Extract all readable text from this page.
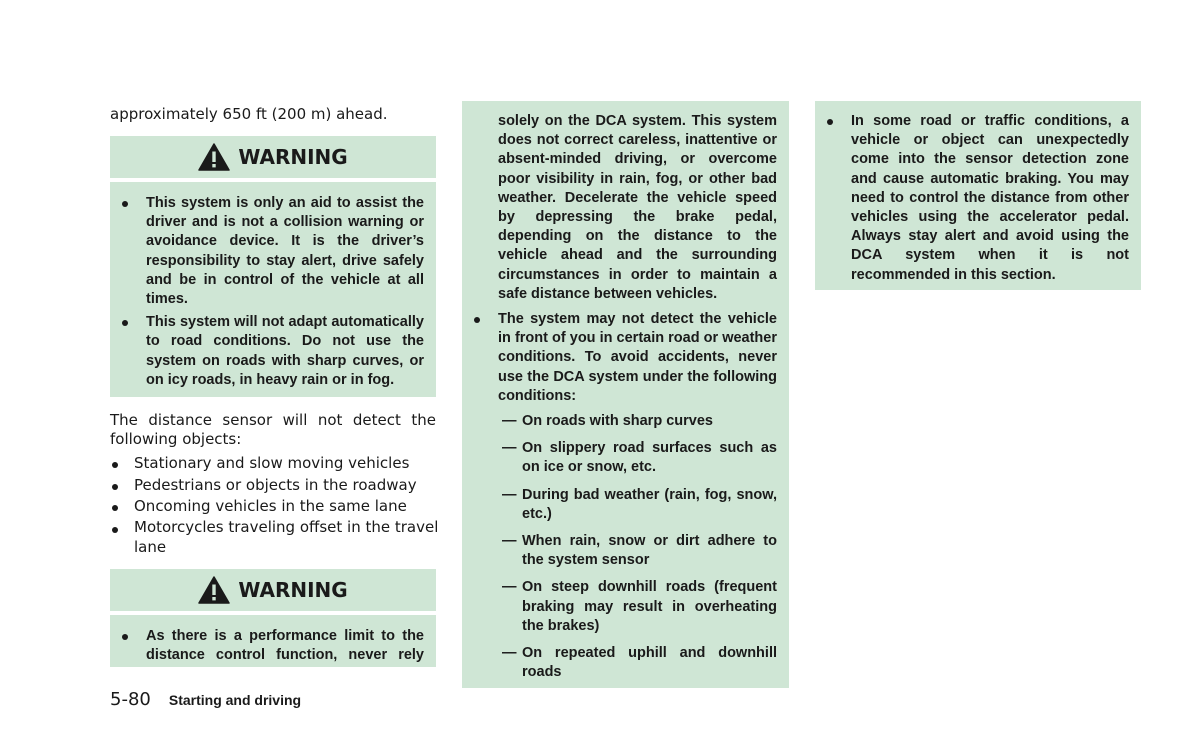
approximately 650 ft (200 m) ahead.
WARNING
This system is only an aid to assist the driver and is not a collision warning or avoidance device. It is the driver’s responsibility to stay alert, drive safely and be in control of the vehicle at all times.
This system will not adapt automatically to road conditions. Do not use the system on roads with sharp curves, or on icy roads, in heavy rain or in fog.
The distance sensor will not detect the following objects:
Stationary and slow moving vehicles
Pedestrians or objects in the roadway
Oncoming vehicles in the same lane
Motorcycles traveling offset in the travel lane
WARNING
As there is a performance limit to the distance control function, never rely
solely on the DCA system. This system does not correct careless, inattentive or absent-minded driving, or overcome poor visibility in rain, fog, or other bad weather. Decelerate the vehicle speed by depressing the brake pedal, depending on the distance to the vehicle ahead and the surrounding circumstances in order to maintain a safe distance between vehicles.
The system may not detect the vehicle in front of you in certain road or weather conditions. To avoid accidents, never use the DCA system under the following conditions:
— On roads with sharp curves
— On slippery road surfaces such as on ice or snow, etc.
— During bad weather (rain, fog, snow, etc.)
— When rain, snow or dirt adhere to the system sensor
— On steep downhill roads (frequent braking may result in overheating the brakes)
— On repeated uphill and downhill roads
In some road or traffic conditions, a vehicle or object can unexpectedly come into the sensor detection zone and cause automatic braking. You may need to control the distance from other vehicles using the accelerator pedal. Always stay alert and avoid using the DCA system when it is not recommended in this section.
5-80 Starting and driving
